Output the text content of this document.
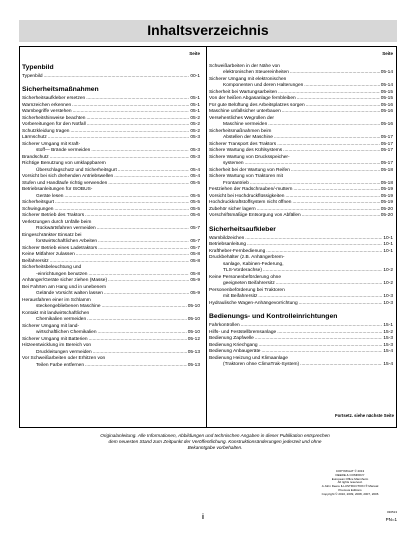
Inhaltsverzeichnis
Seite
Typenbild
Typenbild .....	00-1
Sicherheitsmaßnahmen
Sicherheitsaufkleber ersetzen .....	05-1
Warnzeichen erkennen .....	05-1
Warnbegriffe verstehen .....	05-1
Sicherheitshinweise beachten .....	05-2
Vorbereitungen für den Notfall .....	05-2
Schutzkleidung tragen .....	05-2
Lärmschutz .....	05-3
Sicherer Umgang mit Kraft-
stoff— Brände vermeiden .....	05-3
Brandschutz .....	05-3
Richtige Benutzung von umklappbarem
Überschlagschutz und Sicherheitsgurt .....	05-4
Vorsicht bei sich drehenden Antriebswellen .....	05-4
Stufen und Handläufe richtig verwenden .....	05-5
Betriebsanleitungen für ISOBUS-
Geräte lesen .....	05-5
Sicherheitsgurt .....	05-5
Schwingungen .....	05-5
Sicherer Betrieb des Traktors .....	05-6
Verletzungen durch Unfälle beim
Rückwärtsfahren vermeiden .....	05-7
Eingeschränkter Einsatz bei
forstwirtschaftlichen Arbeiten .....	05-7
Sicherer Betrieb eines Ladetraktors .....	05-7
Keine Mitfahrer zulassen .....	05-8
Beifahrersitz .....	05-8
Sicherheitsbeleuchtung und
-einrichtungen benutzen .....	05-8
Anhänger/Geräte sicher ziehen (Masse) .....	05-9
Bei Fahrten am Hang und in unebenem
Gelände Vorsicht walten lassen .....	05-9
Herausfahren einer im Schlamm
steckengebliebenen Maschine .....	05-10
Kontakt mit landwirtschaftlichen
Chemikalien vermeiden .....	05-10
Sicherer Umgang mit land-
wirtschaftlichen Chemikalien .....	05-10
Sicherer Umgang mit Batterien .....	05-12
Hitzeentwicklung im Bereich von
Druckleitungen vermeiden .....	05-13
Vor Schweißarbeiten oder Erhitzen von
Teilen Farbe entfernen .....	05-13
Seite
Schweißarbeiten in der Nähe von
elektronischen Steuereinheiten .....	05-14
Sicherer Umgang mit elektronischen
Komponenten und deren Halterungen .....	05-14
Sicherheit bei Wartungsarbeiten .....	05-15
Von der heißen Abgasanlage fernbleiben .....	05-15
Für gute Belüftung des Arbeitsplatzes sorgen .....	05-16
Maschine unfallsicher unterbauen .....	05-16
Versehentliches Wegrollen der
Maschine vermeiden .....	05-16
Sicherheitsmaßnahmen beim
Abstellen der Maschine .....	05-17
Sicherer Transport des Traktors .....	05-17
Sichere Wartung des Kühlsystems .....	05-17
Sichere Wartung von Drucksspeicher-
systemen .....	05-17
Sicherheit bei der Wartung von Reifen .....	05-18
Sichere Wartung von Traktoren mit
Frontantrieb .....	05-18
Festziehen der Radschrauben/-muttern .....	05-19
Vorsicht bei Hochdruckflüssigkeiten .....	05-19
Hochdruckkraftstoffsystem nicht öffnen .....	05-19
Zubehör sicher lagern .....	05-20
Vorschriftsmäßige Entsorgung von Abfällen .....	05-20
Sicherheitsaufkleber
Warnbildzeichen .....	10-1
Betriebsanleitung .....	10-1
Kraftheber-Fernbedienung .....	10-1
Druckbehälter (z.B. Anhängerbrem-
sanlage, Kabinen-Federung,
TLS-Vorderachse) .....	10-2
Keine Personenbeförderung ohne
geeigneten Beifahrersitz .....	10-2
Personenbeförderung bei Traktoren
mit Beifahrersitz .....	10-3
Hydraulische Wagen-Anhängevorrichtung .....	10-3
Bedienungs- und Kontrolleinrichtungen
Fahrkontrollen .....	15-1
Hilfs- und Feststellbremsanlage .....	15-2
Bedienung Zapfwelle .....	15-3
Bedienung Kriechgang .....	15-3
Bedienung Anbaugeräte .....	15-4
Bedienung Heizung und Klimaanlage
(Traktoren ohne ClimaTrak-System) .....	15-4
Fortsetz. siehe nächste Seite
Originalanleitung. Alle Informationen, Abbildungen und technischen Angaben in dieser Publikation entsprechen dem neuesten Stand zum Zeitpunkt der Veröffentlichung. Konstruktionsänderungen jederzeit und ohne Bekanntgabe vorbehalten.
COPYRIGHT © 2013
DEERE & COMPANY
European Office Mannheim
All rights reserved.
A John Deere ILLUSTRUCTION ® Manual
Previous Editions
Copyright © 2010, 2009, 2008, 2007, 2006
i
030513
PN=1
